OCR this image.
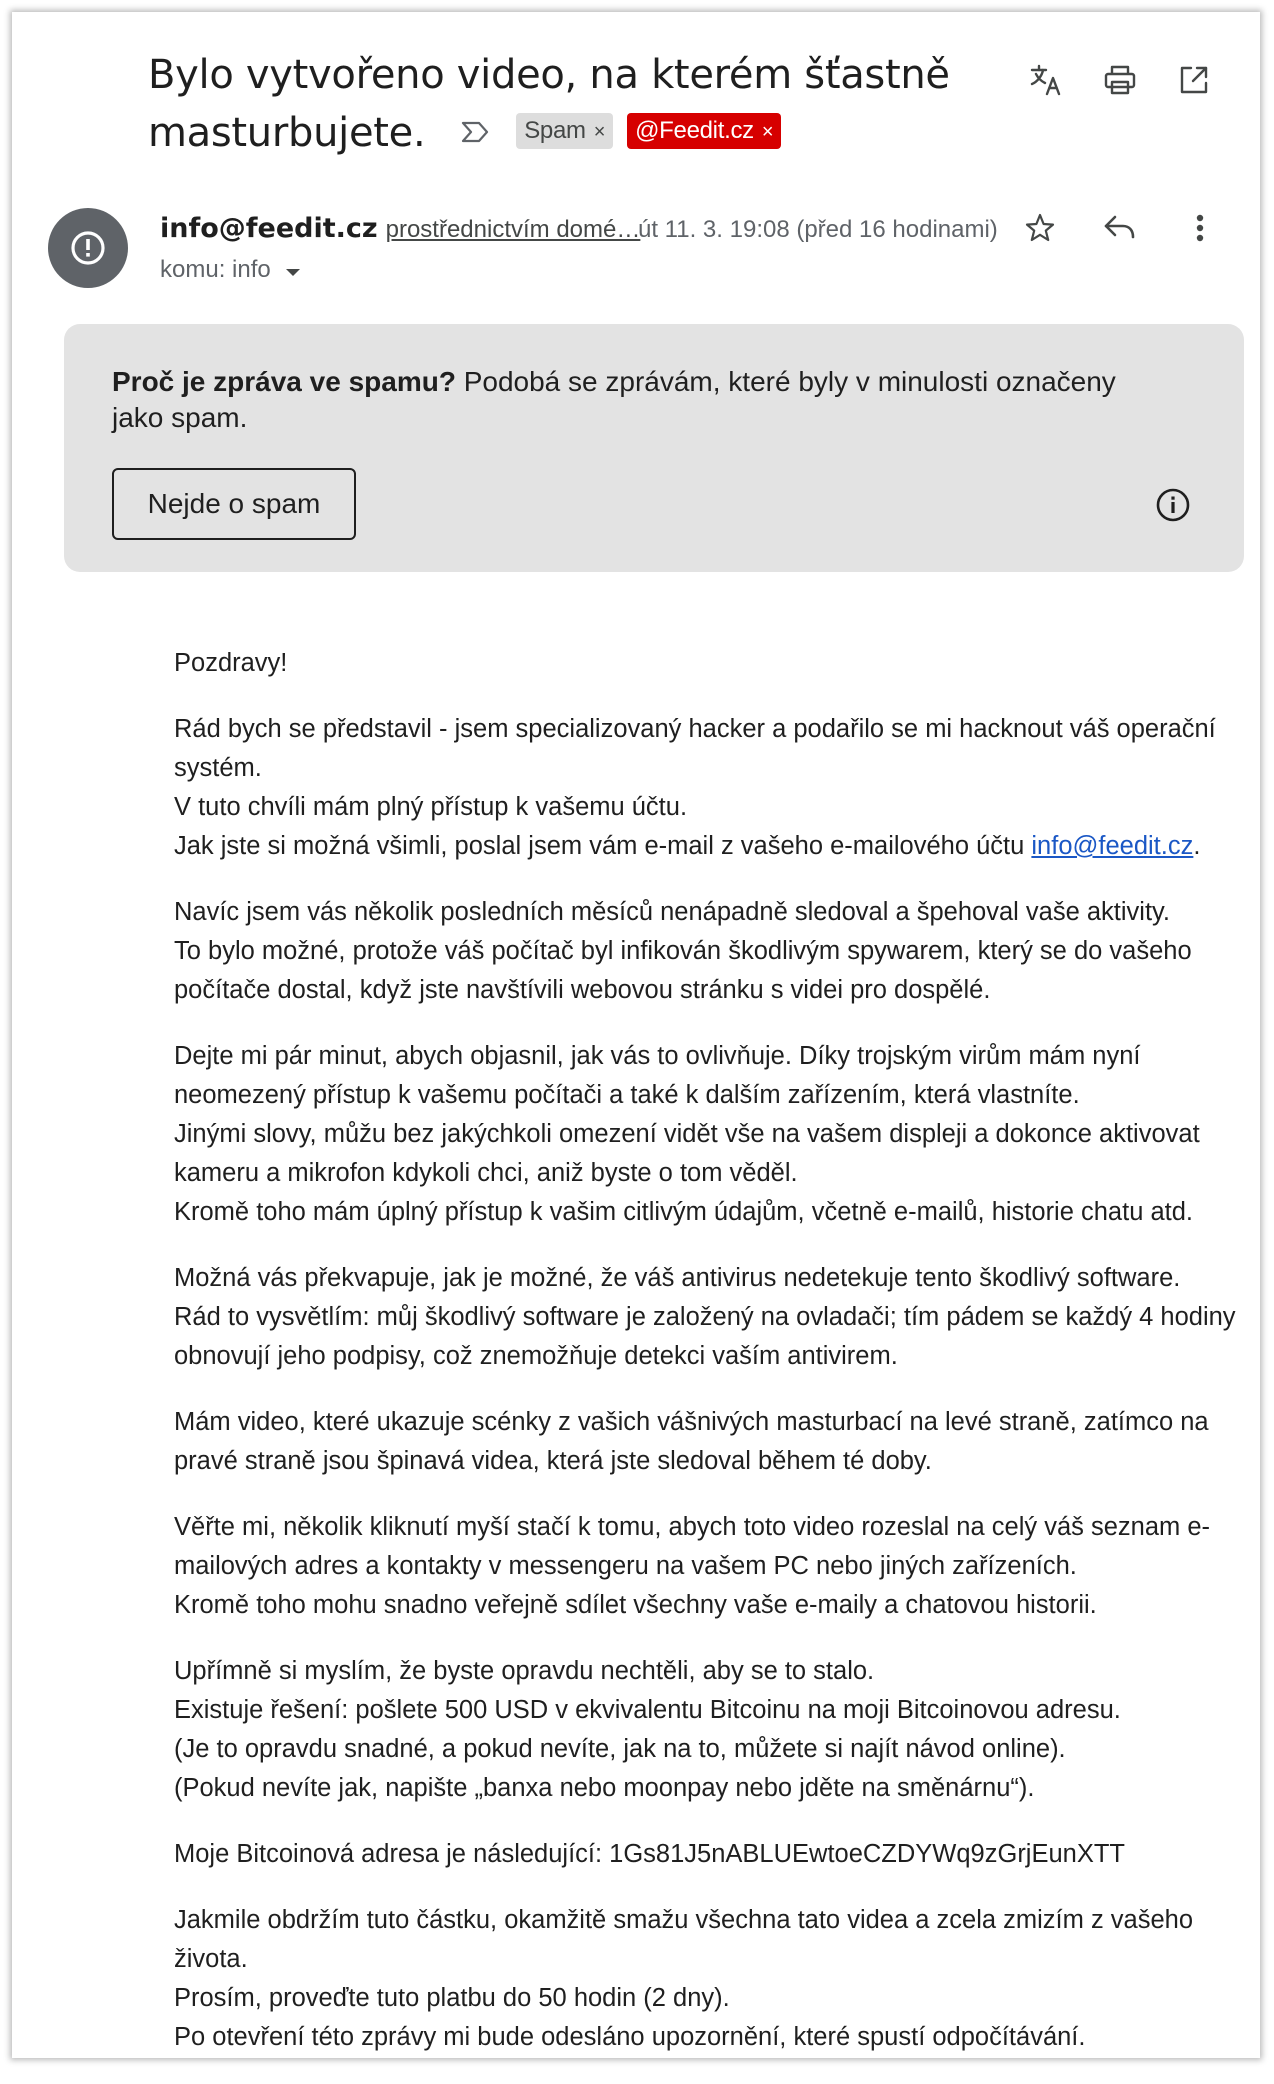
Bylo vytvořeno video, na kterém šťastně masturbujete.	Spam × @Feedit.cz ×
info@feedit.cz prostřednictvím domé…
út 11. 3. 19:08 (před 16 hodinami)
komu: info
Proč je zpráva ve spamu? Podobá se zprávám, které byly v minulosti označeny jako spam.
Nejde o spam

Pozdravy!

Rád bych se představil - jsem specializovaný hacker a podařilo se mi hacknout váš operační systém.
V tuto chvíli mám plný přístup k vašemu účtu.
Jak jste si možná všimli, poslal jsem vám e-mail z vašeho e-mailového účtu info@feedit.cz.

Navíc jsem vás několik posledních měsíců nenápadně sledoval a špehoval vaše aktivity.
To bylo možné, protože váš počítač byl infikován škodlivým spywarem, který se do vašeho počítače dostal, když jste navštívili webovou stránku s videi pro dospělé.

Dejte mi pár minut, abych objasnil, jak vás to ovlivňuje. Díky trojským virům mám nyní neomezený přístup k vašemu počítači a také k dalším zařízením, která vlastníte.
Jinými slovy, můžu bez jakýchkoli omezení vidět vše na vašem displeji a dokonce aktivovat kameru a mikrofon kdykoli chci, aniž byste o tom věděl.
Kromě toho mám úplný přístup k vašim citlivým údajům, včetně e-mailů, historie chatu atd.

Možná vás překvapuje, jak je možné, že váš antivirus nedetekuje tento škodlivý software.
Rád to vysvětlím: můj škodlivý software je založený na ovladači; tím pádem se každý 4 hodiny obnovují jeho podpisy, což znemožňuje detekci vaším antivirem.

Mám video, které ukazuje scénky z vašich vášnivých masturbací na levé straně, zatímco na pravé straně jsou špinavá videa, která jste sledoval během té doby.

Věřte mi, několik kliknutí myší stačí k tomu, abych toto video rozeslal na celý váš seznam e-mailových adres a kontakty v messengeru na vašem PC nebo jiných zařízeních.
Kromě toho mohu snadno veřejně sdílet všechny vaše e-maily a chatovou historii.

Upřímně si myslím, že byste opravdu nechtěli, aby se to stalo.
Existuje řešení: pošlete 500 USD v ekvivalentu Bitcoinu na moji Bitcoinovou adresu.
(Je to opravdu snadné, a pokud nevíte, jak na to, můžete si najít návod online).
(Pokud nevíte jak, napište „banxa nebo moonpay nebo jděte na směnárnu“).

Moje Bitcoinová adresa je následující: 1Gs81J5nABLUEwtoeCZDYWq9zGrjEunXTT

Jakmile obdržím tuto částku, okamžitě smažu všechna tato videa a zcela zmizím z vašeho života.
Prosím, proveďte tuto platbu do 50 hodin (2 dny).
Po otevření této zprávy mi bude odesláno upozornění, které spustí odpočítávání.
